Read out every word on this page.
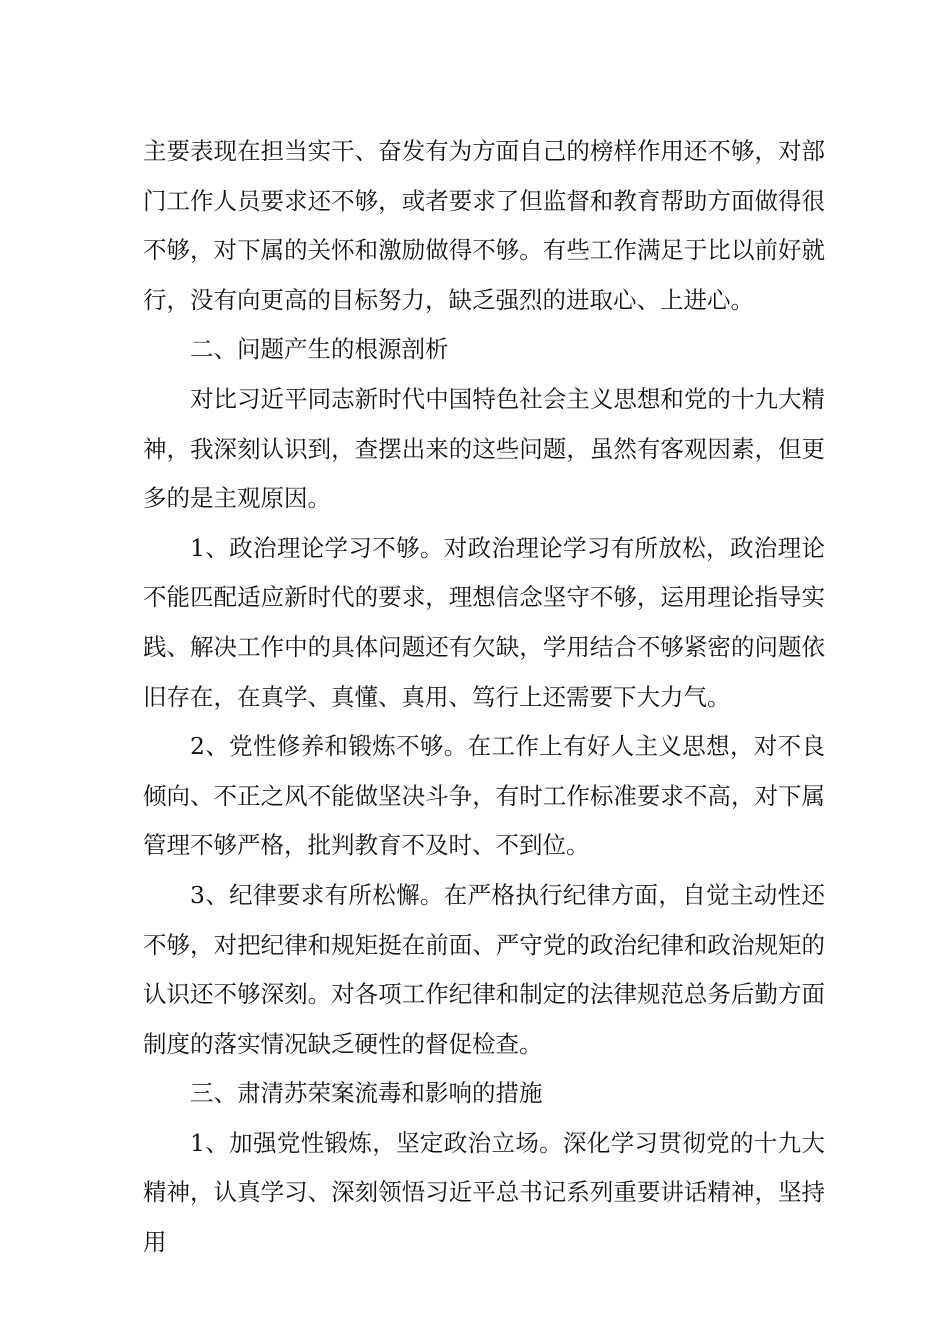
主要表现在担当实干、奋发有为方面自己的榜样作用还不够，对部门工作人员要求还不够，或者要求了但监督和教育帮助方面做得很不够，对下属的关怀和激励做得不够。有些工作满足于比以前好就行，没有向更高的目标努力，缺乏强烈的进取心、上进心。

二、问题产生的根源剖析

对比习近平同志新时代中国特色社会主义思想和党的十九大精神，我深刻认识到，查摆出来的这些问题，虽然有客观因素，但更多的是主观原因。

1、政治理论学习不够。对政治理论学习有所放松，政治理论不能匹配适应新时代的要求，理想信念坚守不够，运用理论指导实践、解决工作中的具体问题还有欠缺，学用结合不够紧密的问题依旧存在，在真学、真懂、真用、笃行上还需要下大力气。

2、党性修养和锻炼不够。在工作上有好人主义思想，对不良倾向、不正之风不能做坚决斗争，有时工作标准要求不高，对下属管理不够严格，批判教育不及时、不到位。

3、纪律要求有所松懈。在严格执行纪律方面，自觉主动性还不够，对把纪律和规矩挺在前面、严守党的政治纪律和政治规矩的认识还不够深刻。对各项工作纪律和制定的法律规范总务后勤方面制度的落实情况缺乏硬性的督促检查。

三、肃清苏荣案流毒和影响的措施

1、加强党性锻炼，坚定政治立场。深化学习贯彻党的十九大精神，认真学习、深刻领悟习近平总书记系列重要讲话精神，坚持用
